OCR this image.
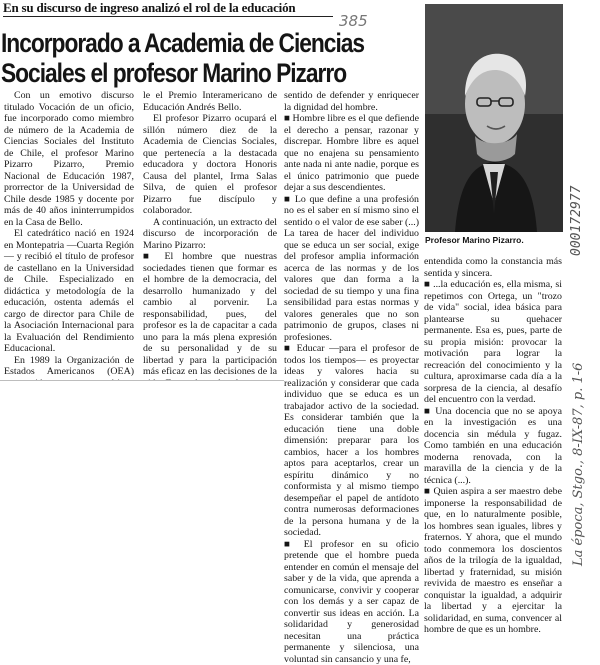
En su discurso de ingreso analizó el rol de la educación
385
Incorporado a Academia de Ciencias
Sociales el profesor Marino Pizarro

Con un emotivo discurso titulado Vocación de un oficio, fue incorporado como miembro de número de la Academia de Ciencias Sociales del Instituto de Chile, el profesor Marino Pizarro Pizarro, Premio Nacional de Educación 1987, prorrector de la Universidad de Chile desde 1985 y docente por más de 40 años ininterrumpidos en la Casa de Bello.

El catedrático nació en 1924 en Montepatria —Cuarta Región— y recibió el título de profesor de castellano en la Universidad de Chile. Especializado en didáctica y metodología de la educación, ostenta además el cargo de director para Chile de la Asociación Internacional para la Evaluación del Rendimiento Educacional.

En 1989 la Organización de Estados Americanos (OEA)

le el Premio Interamericano de Educación Andrés Bello.

El profesor Pizarro ocupará el sillón número diez de la Academia de Ciencias Sociales, que pertenecía a la destacada educadora y doctora Honoris Causa del plantel, Irma Salas Silva, de quien el profesor Pizarro fue discípulo y colaborador.

A continuación, un extracto del discurso de incorporación de Marino Pizarro:

■ El hombre que nuestras sociedades tienen que formar es el hombre de la democracia, del desarrollo humanizado y del cambio al porvenir. La responsabilidad, pues, del profesor es la de capacitar a cada uno para la más plena expresión de su personalidad y de su libertad y para la participación más eficaz en las decisiones de la

sentido de defender y enriquecer la dignidad del hombre.

■ Hombre libre es el que defiende el derecho a pensar, razonar y discrepar. Hombre libre es aquel que no enajena su pensamiento ante nada ni ante nadie, porque es el único patrimonio que puede dejar a sus descendientes.

■ Lo que define a una profesión no es el saber en sí mismo sino el sentido o el valor de ese saber (...) La tarea de hacer del individuo que se educa un ser social, exige del profesor amplia información acerca de las normas y de los valores que dan forma a la sociedad de su tiempo y una fina sensibilidad para estas normas y valores generales que no son patrimonio de grupos, clases ni profesiones.

■ Educar —para el profesor de todos los tiempos— es proyectar ideas y valores hacia su realización y considerar que cada individuo que se educa es un trabajador activo de la sociedad. Es considerar también que la educación tiene una doble dimensión: preparar para los cambios, hacer a los hombres aptos para aceptarlos, crear un espíritu dinámico y no conformista y al mismo tiempo desempeñar el papel de antídoto contra numerosas deformaciones de la persona humana y de la sociedad.

■ El profesor en su oficio pretende que el hombre pueda entender en común el mensaje del saber y de la vida, que aprenda a comunicarse, convivir y cooperar con los demás y a ser capaz de convertir sus ideas en acción. La solidaridad y generosidad necesitan una práctica permanente y silenciosa, una voluntad sin cansancio y una fe,

Profesor Marino Pizarro.

entendida como la constancia más sentida y sincera.

■ ...la educación es, ella misma, si repetimos con Ortega, un "trozo de vida" social, idea básica para plantearse su quehacer permanente. Esa es, pues, parte de su propia misión: provocar la motivación para lograr la recreación del conocimiento y la cultura, aproximarse cada día a la sorpresa de la ciencia, al desafío del encuentro con la verdad.

■ Una docencia que no se apoya en la investigación es una docencia sin médula y fugaz. Como también en una educación moderna renovada, con la maravilla de la ciencia y de la técnica (...).

■ Quien aspira a ser maestro debe imponerse la responsabilidad de que, en lo naturalmente posible, los hombres sean iguales, libres y fraternos. Y ahora, que el mundo todo conmemora los doscientos años de la trilogía de la igualdad, libertad y fraternidad, su misión revivida de maestro es enseñar a conquistar la igualdad, a adquirir la libertad y a ejercitar la solidaridad, en suma, convencer al hombre de que es un hombre.

000172977
La época, Stgo., 8-IX-87, p. 1-6
